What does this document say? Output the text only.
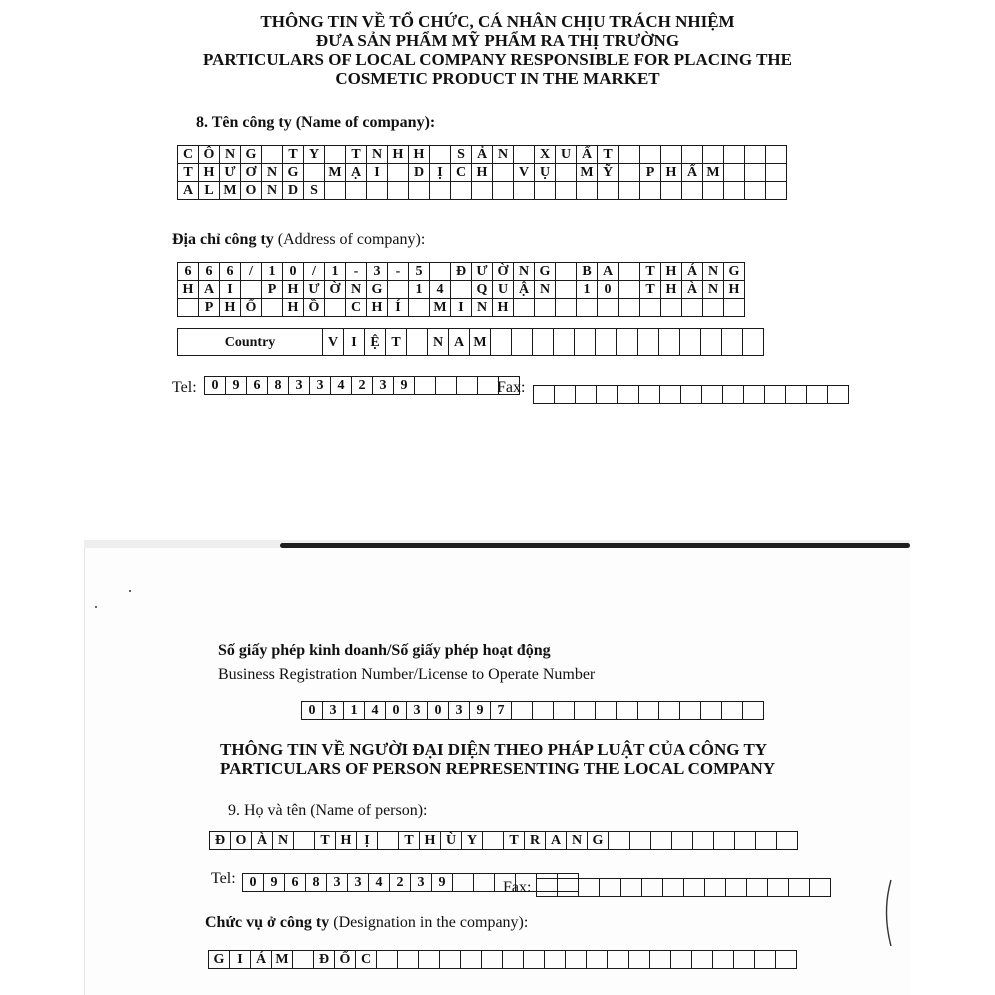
THÔNG TIN VỀ TỔ CHỨC, CÁ NHÂN CHỊU TRÁCH NHIỆM
ĐƯA SẢN PHẨM MỸ PHẨM RA THỊ TRƯỜNG
PARTICULARS OF LOCAL COMPANY RESPONSIBLE FOR PLACING THE
COSMETIC PRODUCT IN THE MARKET
8. Tên công ty (Name of company):
C	Ô	N	G		T	Y		T	N	H	H		S	Ả	N		X	U	Ấ	T								
T	H	Ư	Ơ	N	G		M	Ạ	I		D	Ị	C	H		V	Ụ		M	Ỹ		P	H	Ẩ	M			
A	L	M	O	N	D	S																						
Địa chỉ công ty (Address of company):
6	6	6	/	1	0	/	1	-	3	-	5		Đ	Ư	Ờ	N	G		B	A		T	H	Á	N	G
H	A	I		P	H	Ư	Ờ	N	G		1	4		Q	U	Ậ	N		1	0		T	H	À	N	H
	P	H	Ố		H	Ồ		C	H	Í		M	I	N	H											
Country	V	I	Ệ	T		N	A	M													
Tel: 0	9	6	8	3	3	4	2	3	9						Fax:

Số giấy phép kinh doanh/Số giấy phép hoạt động
Business Registration Number/License to Operate Number
0	3	1	4	0	3	0	3	9	7												
THÔNG TIN VỀ NGƯỜI ĐẠI DIỆN THEO PHÁP LUẬT CỦA CÔNG TY
PARTICULARS OF PERSON REPRESENTING THE LOCAL COMPANY
9. Họ và tên (Name of person):
Đ	O	À	N		T	H	Ị		T	H	Ù	Y		T	R	A	N	G									
Tel: 0	9	6	8	3	3	4	2	3	9							Fax:

Chức vụ ở công ty (Designation in the company):
G	I	Á	M		Đ	Ố	C																				
